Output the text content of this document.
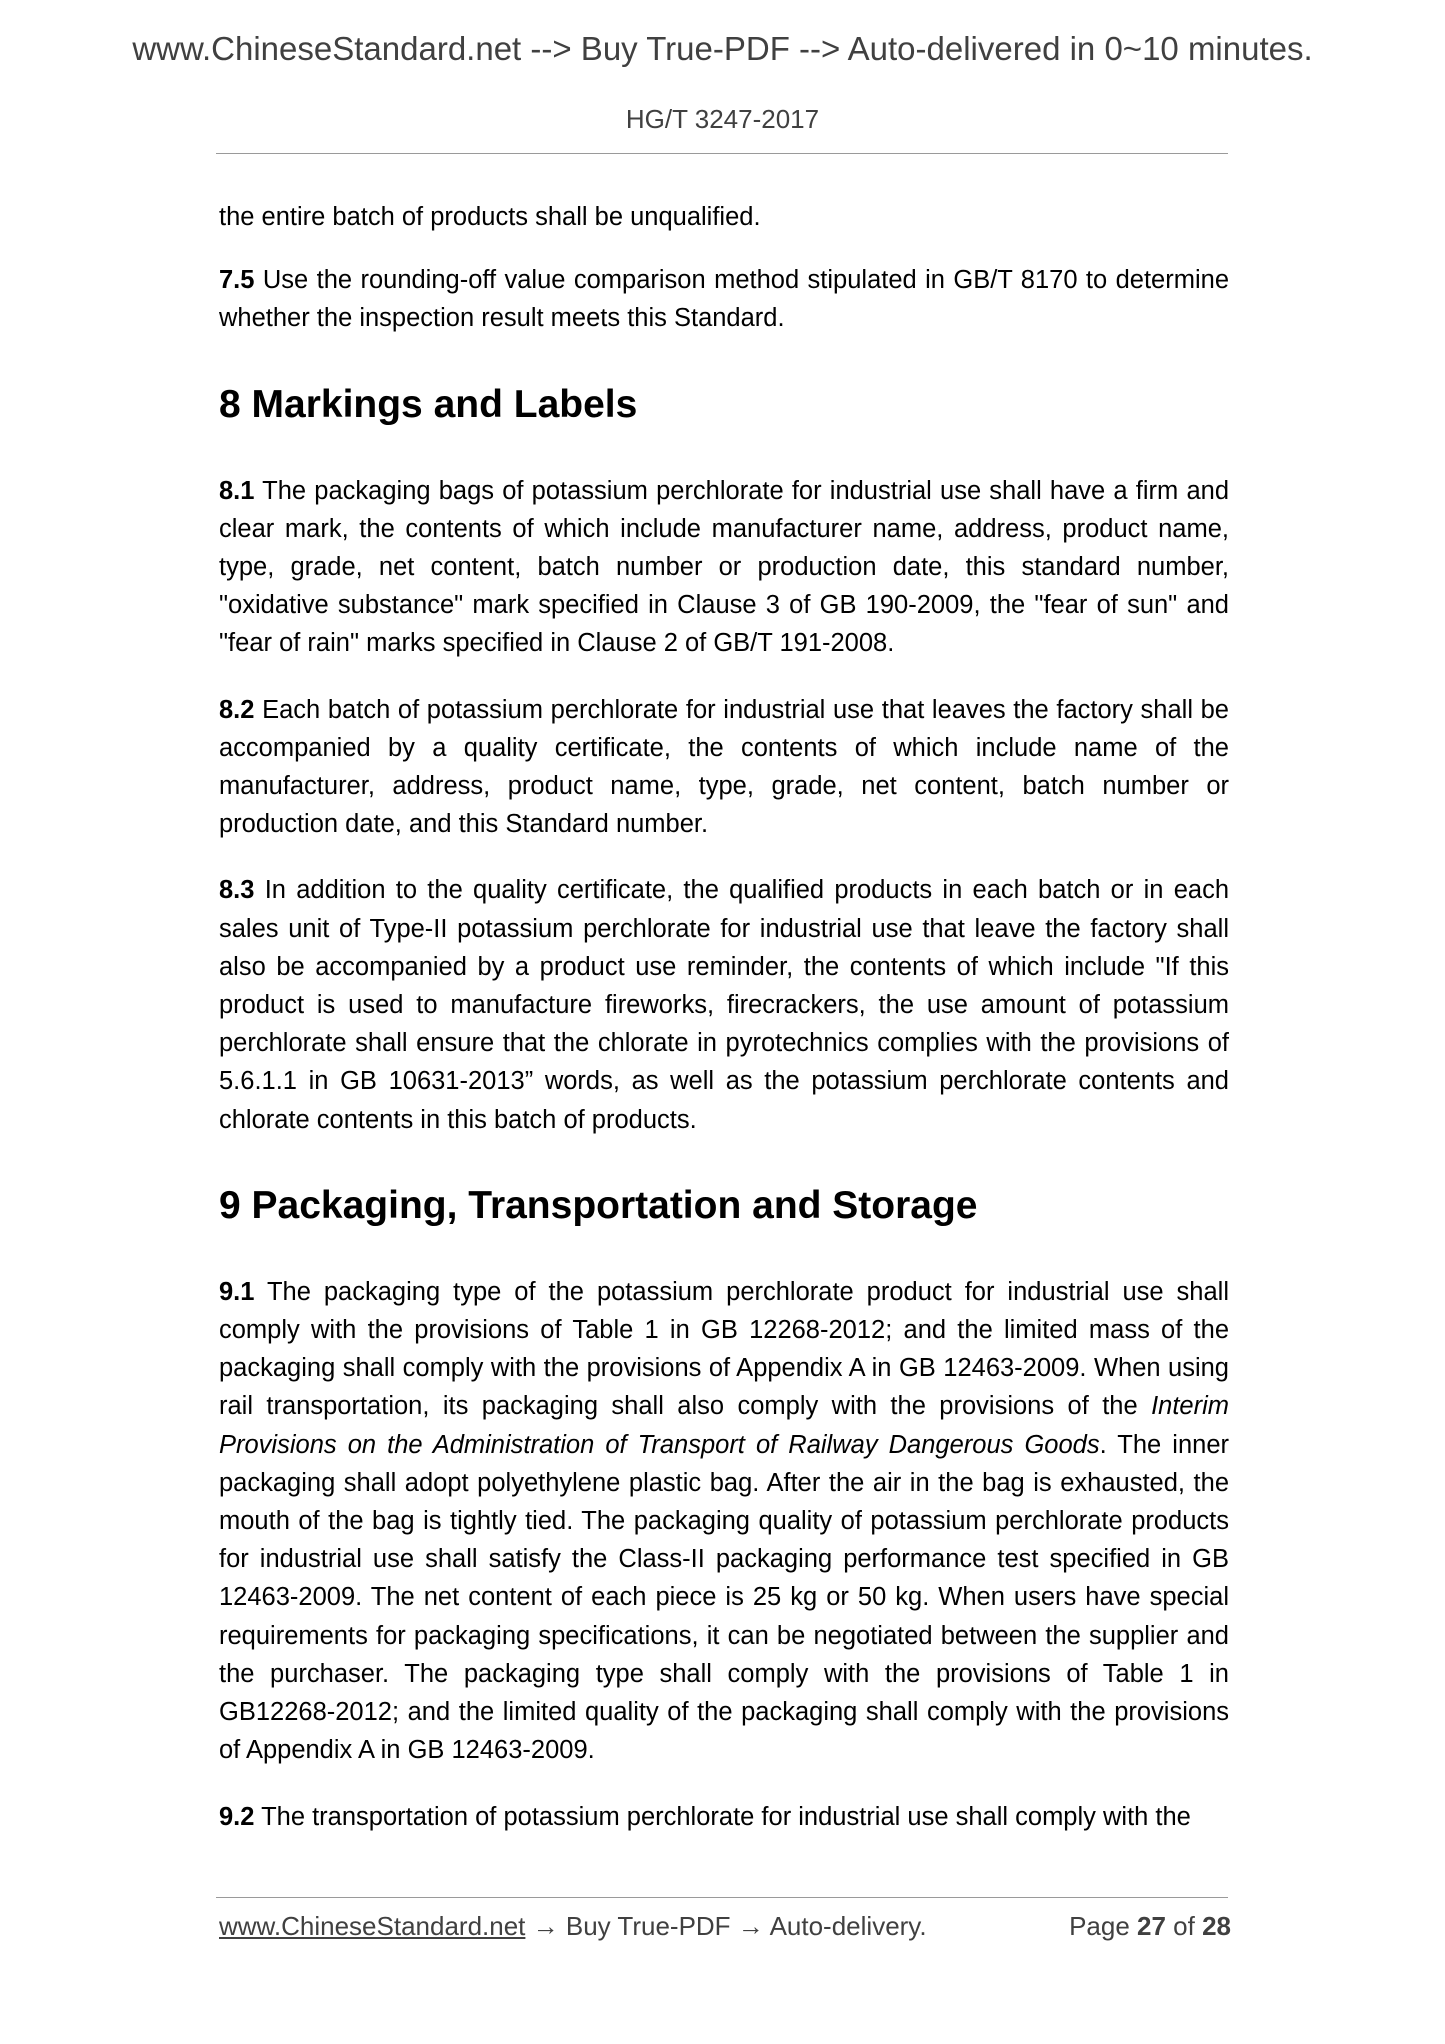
www.ChineseStandard.net --> Buy True-PDF --> Auto-delivered in 0~10 minutes.
HG/T 3247-2017

the entire batch of products shall be unqualified.

7.5 Use the rounding-off value comparison method stipulated in GB/T 8170 to determine whether the inspection result meets this Standard.

8 Markings and Labels

8.1 The packaging bags of potassium perchlorate for industrial use shall have a firm and clear mark, the contents of which include manufacturer name, address, product name, type, grade, net content, batch number or production date, this standard number, "oxidative substance" mark specified in Clause 3 of GB 190-2009, the "fear of sun" and "fear of rain" marks specified in Clause 2 of GB/T 191-2008.

8.2 Each batch of potassium perchlorate for industrial use that leaves the factory shall be accompanied by a quality certificate, the contents of which include name of the manufacturer, address, product name, type, grade, net content, batch number or production date, and this Standard number.

8.3 In addition to the quality certificate, the qualified products in each batch or in each sales unit of Type-II potassium perchlorate for industrial use that leave the factory shall also be accompanied by a product use reminder, the contents of which include "If this product is used to manufacture fireworks, firecrackers, the use amount of potassium perchlorate shall ensure that the chlorate in pyrotechnics complies with the provisions of 5.6.1.1 in GB 10631-2013” words, as well as the potassium perchlorate contents and chlorate contents in this batch of products.

9 Packaging, Transportation and Storage

9.1 The packaging type of the potassium perchlorate product for industrial use shall comply with the provisions of Table 1 in GB 12268-2012; and the limited mass of the packaging shall comply with the provisions of Appendix A in GB 12463-2009. When using rail transportation, its packaging shall also comply with the provisions of the Interim Provisions on the Administration of Transport of Railway Dangerous Goods. The inner packaging shall adopt polyethylene plastic bag. After the air in the bag is exhausted, the mouth of the bag is tightly tied. The packaging quality of potassium perchlorate products for industrial use shall satisfy the Class-II packaging performance test specified in GB 12463-2009. The net content of each piece is 25 kg or 50 kg. When users have special requirements for packaging specifications, it can be negotiated between the supplier and the purchaser. The packaging type shall comply with the provisions of Table 1 in GB12268-2012; and the limited quality of the packaging shall comply with the provisions of Appendix A in GB 12463-2009.

9.2 The transportation of potassium perchlorate for industrial use shall comply with the

www.ChineseStandard.net → Buy True-PDF → Auto-delivery.	Page 27 of 28
